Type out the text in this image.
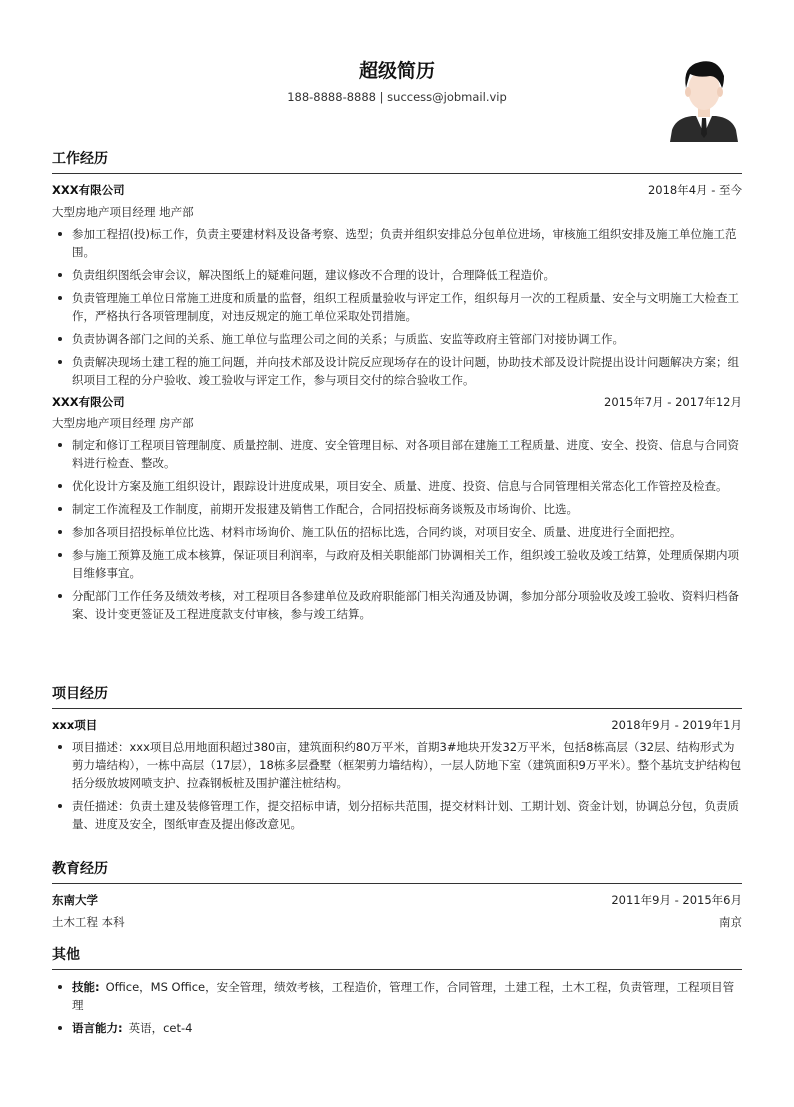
超级简历
188-8888-8888 | success@jobmail.vip
工作经历
XXX有限公司	2018年4月 - 至今
大型房地产项目经理 地产部
参加工程招(投)标工作，负责主要建材料及设备考察、选型；负责并组织安排总分包单位进场，审核施工组织安排及施工单位施工范围。
负责组织图纸会审会议，解决图纸上的疑难问题，建议修改不合理的设计，合理降低工程造价。
负责管理施工单位日常施工进度和质量的监督，组织工程质量验收与评定工作，组织每月一次的工程质量、安全与文明施工大检查工作，严格执行各项管理制度，对违反规定的施工单位采取处罚措施。
负责协调各部门之间的关系、施工单位与监理公司之间的关系；与质监、安监等政府主管部门对接协调工作。
负责解决现场土建工程的施工问题，并向技术部及设计院反应现场存在的设计问题，协助技术部及设计院提出设计问题解决方案；组织项目工程的分户验收、竣工验收与评定工作，参与项目交付的综合验收工作。
XXX有限公司	2015年7月 - 2017年12月
大型房地产项目经理 房产部
制定和修订工程项目管理制度、质量控制、进度、安全管理目标、对各项目部在建施工工程质量、进度、安全、投资、信息与合同资料进行检查、整改。
优化设计方案及施工组织设计，跟踪设计进度成果，项目安全、质量、进度、投资、信息与合同管理相关常态化工作管控及检查。
制定工作流程及工作制度，前期开发报建及销售工作配合，合同招投标商务谈叛及市场询价、比选。
参加各项目招投标单位比选、材料市场询价、施工队伍的招标比选，合同约谈，对项目安全、质量、进度进行全面把控。
参与施工预算及施工成本核算，保证项目利润率，与政府及相关职能部门协调相关工作，组织竣工验收及竣工结算，处理质保期内项目维修事宜。
分配部门工作任务及绩效考核，对工程项目各参建单位及政府职能部门相关沟通及协调，参加分部分项验收及竣工验收、资料归档备案、设计变更签证及工程进度款支付审核，参与竣工结算。
项目经历
xxx项目	2018年9月 - 2019年1月
项目描述：xxx项目总用地面积超过380亩，建筑面积约80万平米，首期3#地块开发32万平米，包括8栋高层（32层、结构形式为剪力墙结构），一栋中高层（17层），18栋多层叠墅（框架剪力墙结构），一层人防地下室（建筑面积9万平米）。整个基坑支护结构包括分级放坡网喷支护、拉森钢板桩及围护灌注桩结构。
责任描述：负责土建及装修管理工作，提交招标申请，划分招标共范围，提交材料计划、工期计划、资金计划，协调总分包，负责质量、进度及安全，图纸审查及提出修改意见。
教育经历
东南大学	2011年9月 - 2015年6月
土木工程 本科	南京
其他
技能: Office，MS Office，安全管理，绩效考核，工程造价，管理工作，合同管理，土建工程，土木工程，负责管理，工程项目管理
语言能力: 英语，cet-4
